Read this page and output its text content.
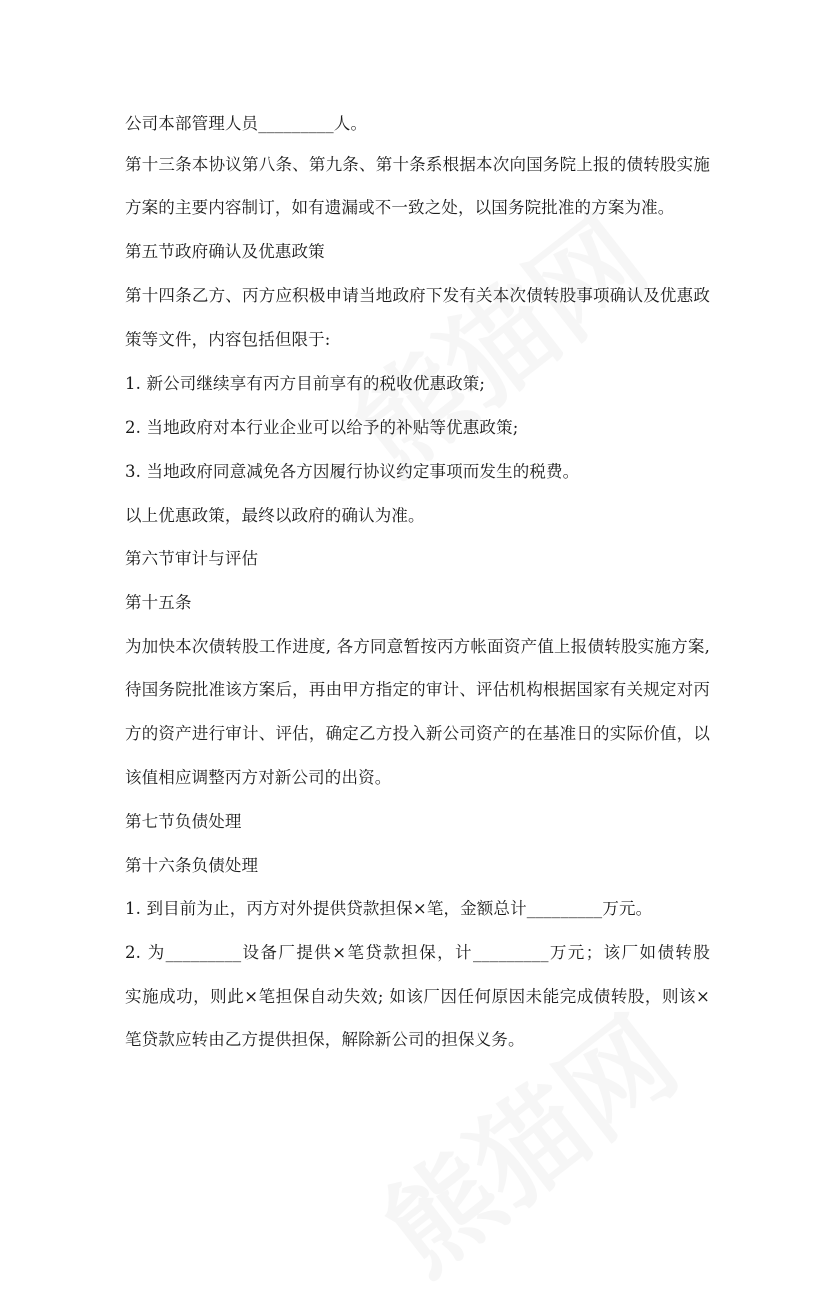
公司本部管理人员_________人。
第十三条本协议第八条、第九条、第十条系根据本次向国务院上报的债转股实施
方案的主要内容制订，如有遗漏或不一致之处，以国务院批准的方案为准。
第五节政府确认及优惠政策
第十四条乙方、丙方应积极申请当地政府下发有关本次债转股事项确认及优惠政
策等文件，内容包括但限于:
1. 新公司继续享有丙方目前享有的税收优惠政策;
2. 当地政府对本行业企业可以给予的补贴等优惠政策;
3. 当地政府同意减免各方因履行协议约定事项而发生的税费。
以上优惠政策，最终以政府的确认为准。
第六节审计与评估
第十五条
为加快本次债转股工作进度, 各方同意暂按丙方帐面资产值上报债转股实施方案,
待国务院批准该方案后，再由甲方指定的审计、评估机构根据国家有关规定对丙
方的资产进行审计、评估，确定乙方投入新公司资产的在基准日的实际价值，以
该值相应调整丙方对新公司的出资。
第七节负债处理
第十六条负债处理
1. 到目前为止，丙方对外提供贷款担保×笔，金额总计_________万元。
2. 为_________设备厂提供×笔贷款担保，计_________万元；该厂如债转股
实施成功，则此×笔担保自动失效; 如该厂因任何原因未能完成债转股，则该×
笔贷款应转由乙方提供担保，解除新公司的担保义务。
